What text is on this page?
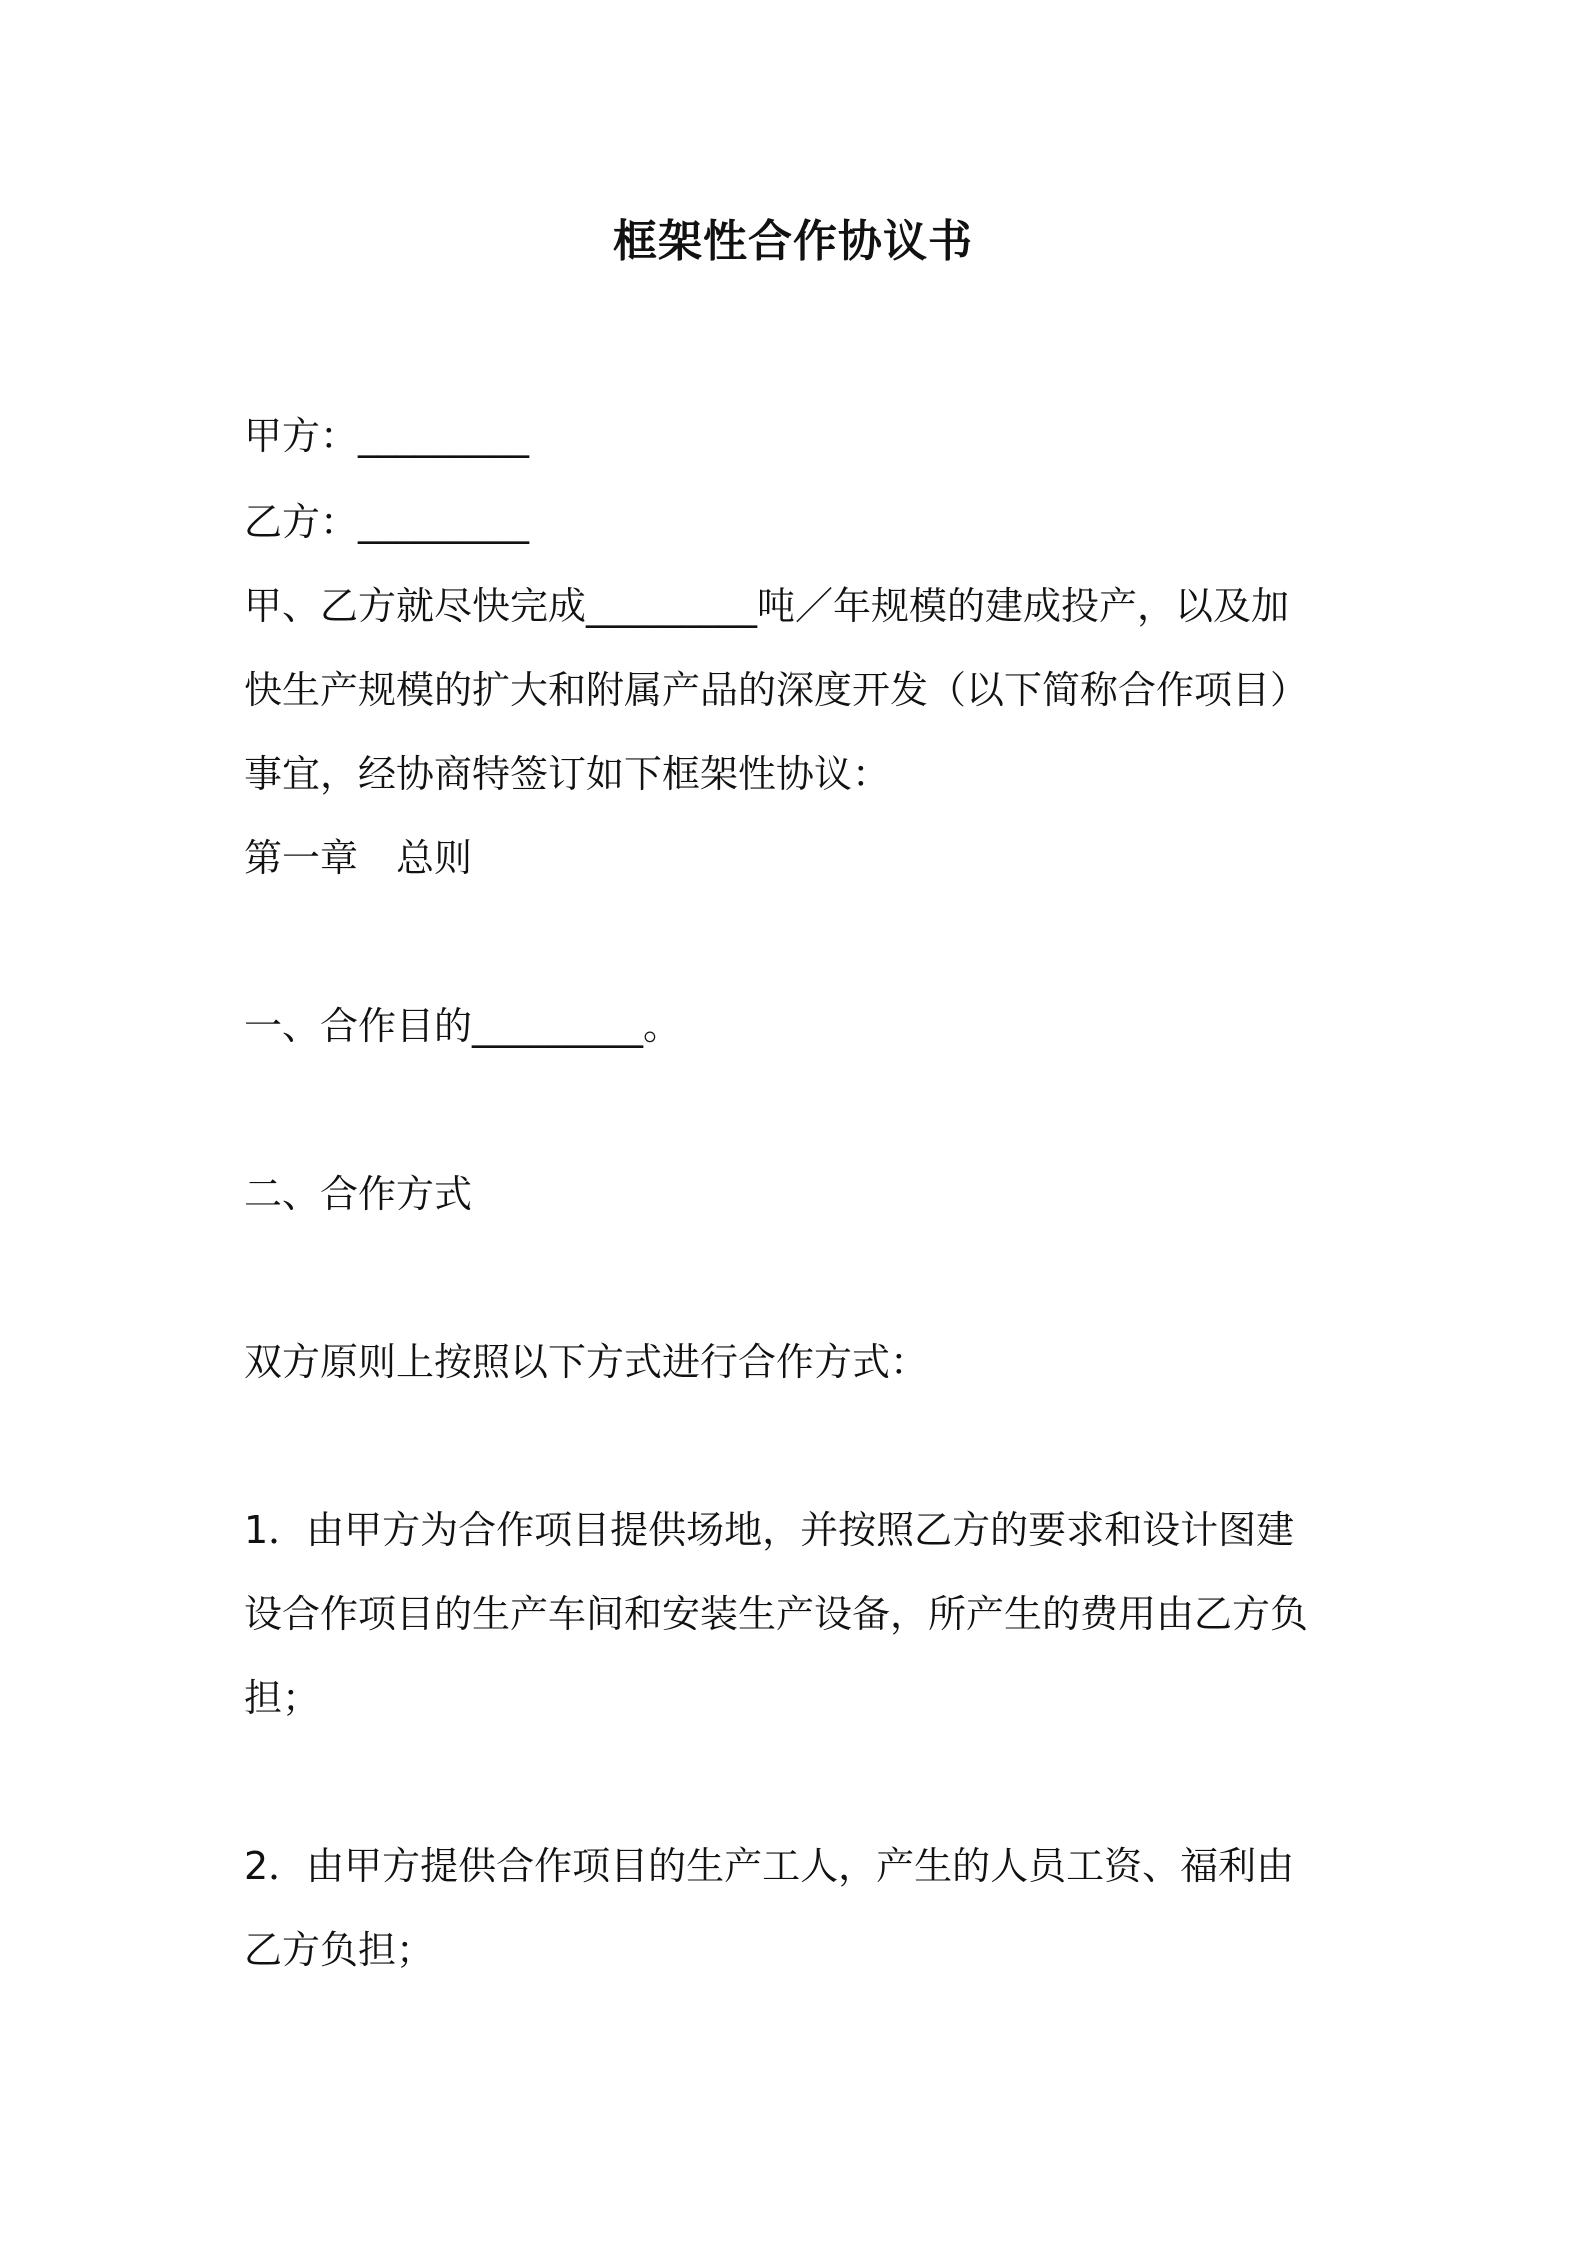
框架性合作协议书
甲方：_________
乙方：_________
甲、乙方就尽快完成_________吨／年规模的建成投产，以及加
快生产规模的扩大和附属产品的深度开发（以下简称合作项目）
事宜，经协商特签订如下框架性协议：
第一章　总则
一、合作目的_________。
二、合作方式
双方原则上按照以下方式进行合作方式：
1．由甲方为合作项目提供场地，并按照乙方的要求和设计图建
设合作项目的生产车间和安装生产设备，所产生的费用由乙方负
担；
2．由甲方提供合作项目的生产工人，产生的人员工资、福利由
乙方负担；
